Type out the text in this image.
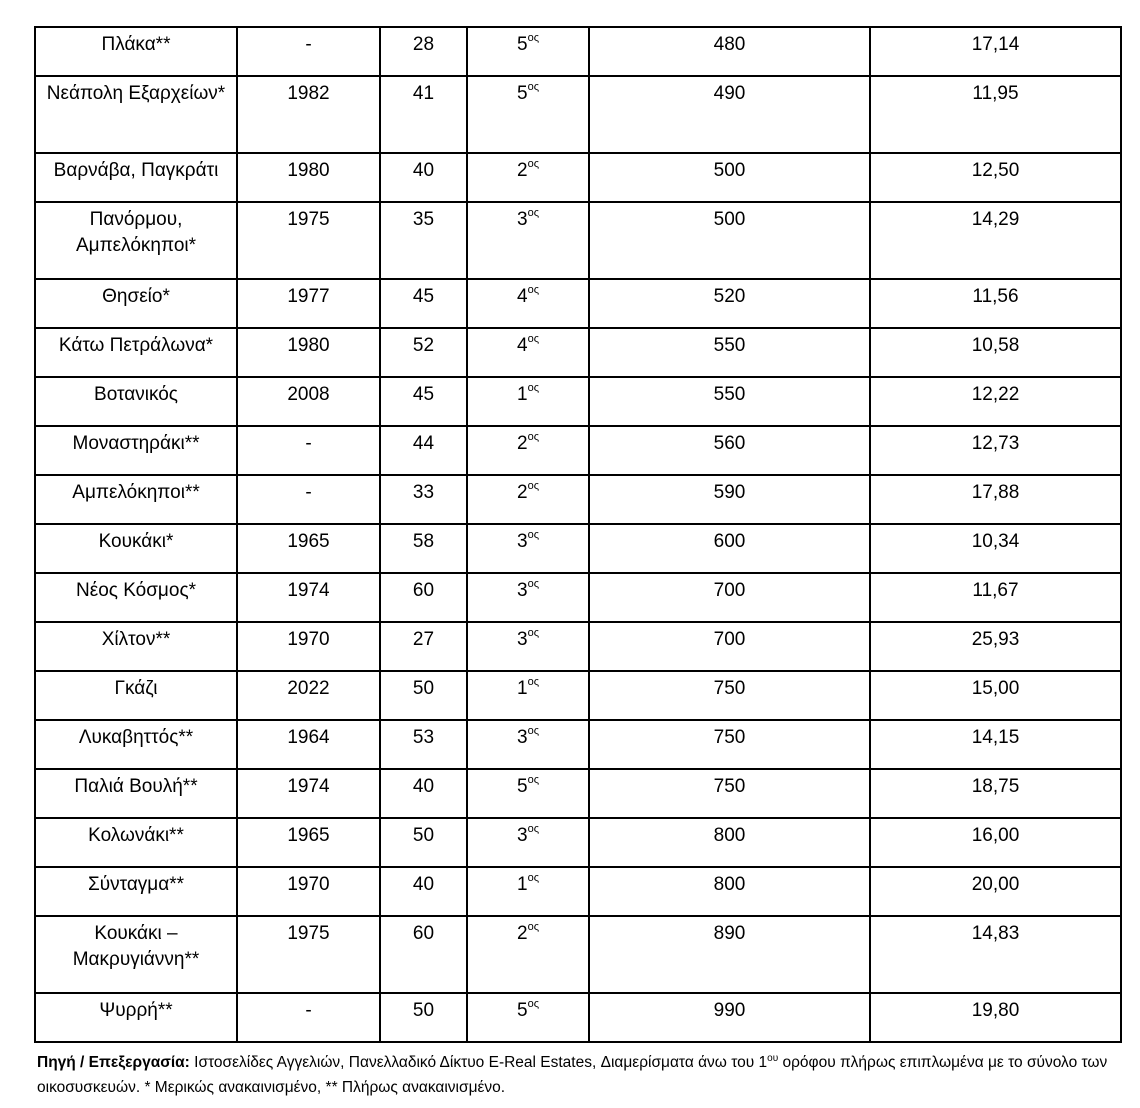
Πλάκα**	-	28	$5^{o\varsigma}$	480	17,14
Νεάπολη Εξαρχείων*	1982	41	$5^{o\varsigma}$	490	11,95
Βαρνάβα, Παγκράτι	1980	40	$2^{o\varsigma}$	500	12,50
Πανόρμου, Αμπελόκηποι*	1975	35	$3^{o\varsigma}$	500	14,29
Θησείο*	1977	45	$4^{o\varsigma}$	520	11,56
Κάτω Πετράλωνα*	1980	52	$4^{o\varsigma}$	550	10,58
Βοτανικός	2008	45	$1^{o\varsigma}$	550	12,22
Μοναστηράκι**	-	44	$2^{o\varsigma}$	560	12,73
Αμπελόκηποι**	-	33	$2^{o\varsigma}$	590	17,88
Κουκάκι*	1965	58	$3^{o\varsigma}$	600	10,34
Νέος Κόσμος*	1974	60	$3^{o\varsigma}$	700	11,67
Χίλτον**	1970	27	$3^{o\varsigma}$	700	25,93
Γκάζι	2022	50	$1^{o\varsigma}$	750	15,00
Λυκαβηττός**	1964	53	$3^{o\varsigma}$	750	14,15
Παλιά Βουλή**	1974	40	$5^{o\varsigma}$	750	18,75
Κολωνάκι**	1965	50	$3^{o\varsigma}$	800	16,00
Σύνταγμα**	1970	40	$1^{o\varsigma}$	800	20,00
Κουκάκι – Μακρυγιάννη**	1975	60	$2^{o\varsigma}$	890	14,83
Ψυρρή**	-	50	$5^{o\varsigma}$	990	19,80
Πηγή / Επεξεργασία: Ιστοσελίδες Αγγελιών, Πανελλαδικό Δίκτυο E-Real Estates, Διαμερίσματα άνω του $1^{o\upsilon}$ ορόφου πλήρως επιπλωμένα με το σύνολο των οικοσυσκευών. * Μερικώς ανακαινισμένο, ** Πλήρως ανακαινισμένο.
